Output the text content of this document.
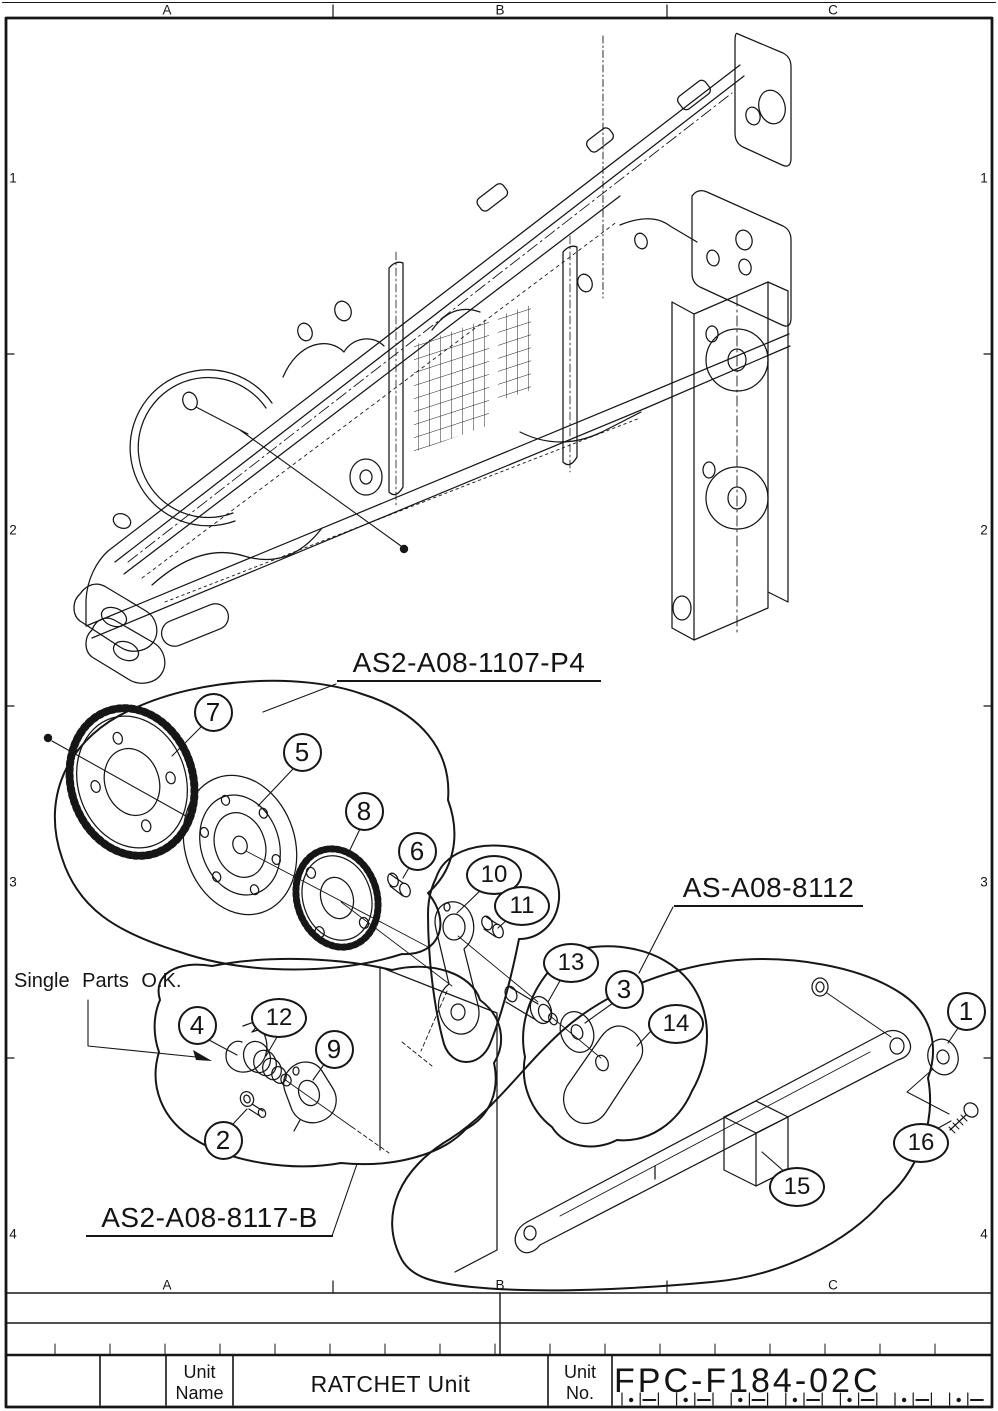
AS2-A08-1107-P4
AS-A08-8112
AS2-A08-8117-B
Single Parts O.K.
7
5
8
6
10
11
13
3
14
4	12
9
2
1
16
15
A	B	C
A	B	C
1
2
3
4
1
2
3
4
Unit
Name	RATCHET Unit	Unit
No. FPC-F184-02C
